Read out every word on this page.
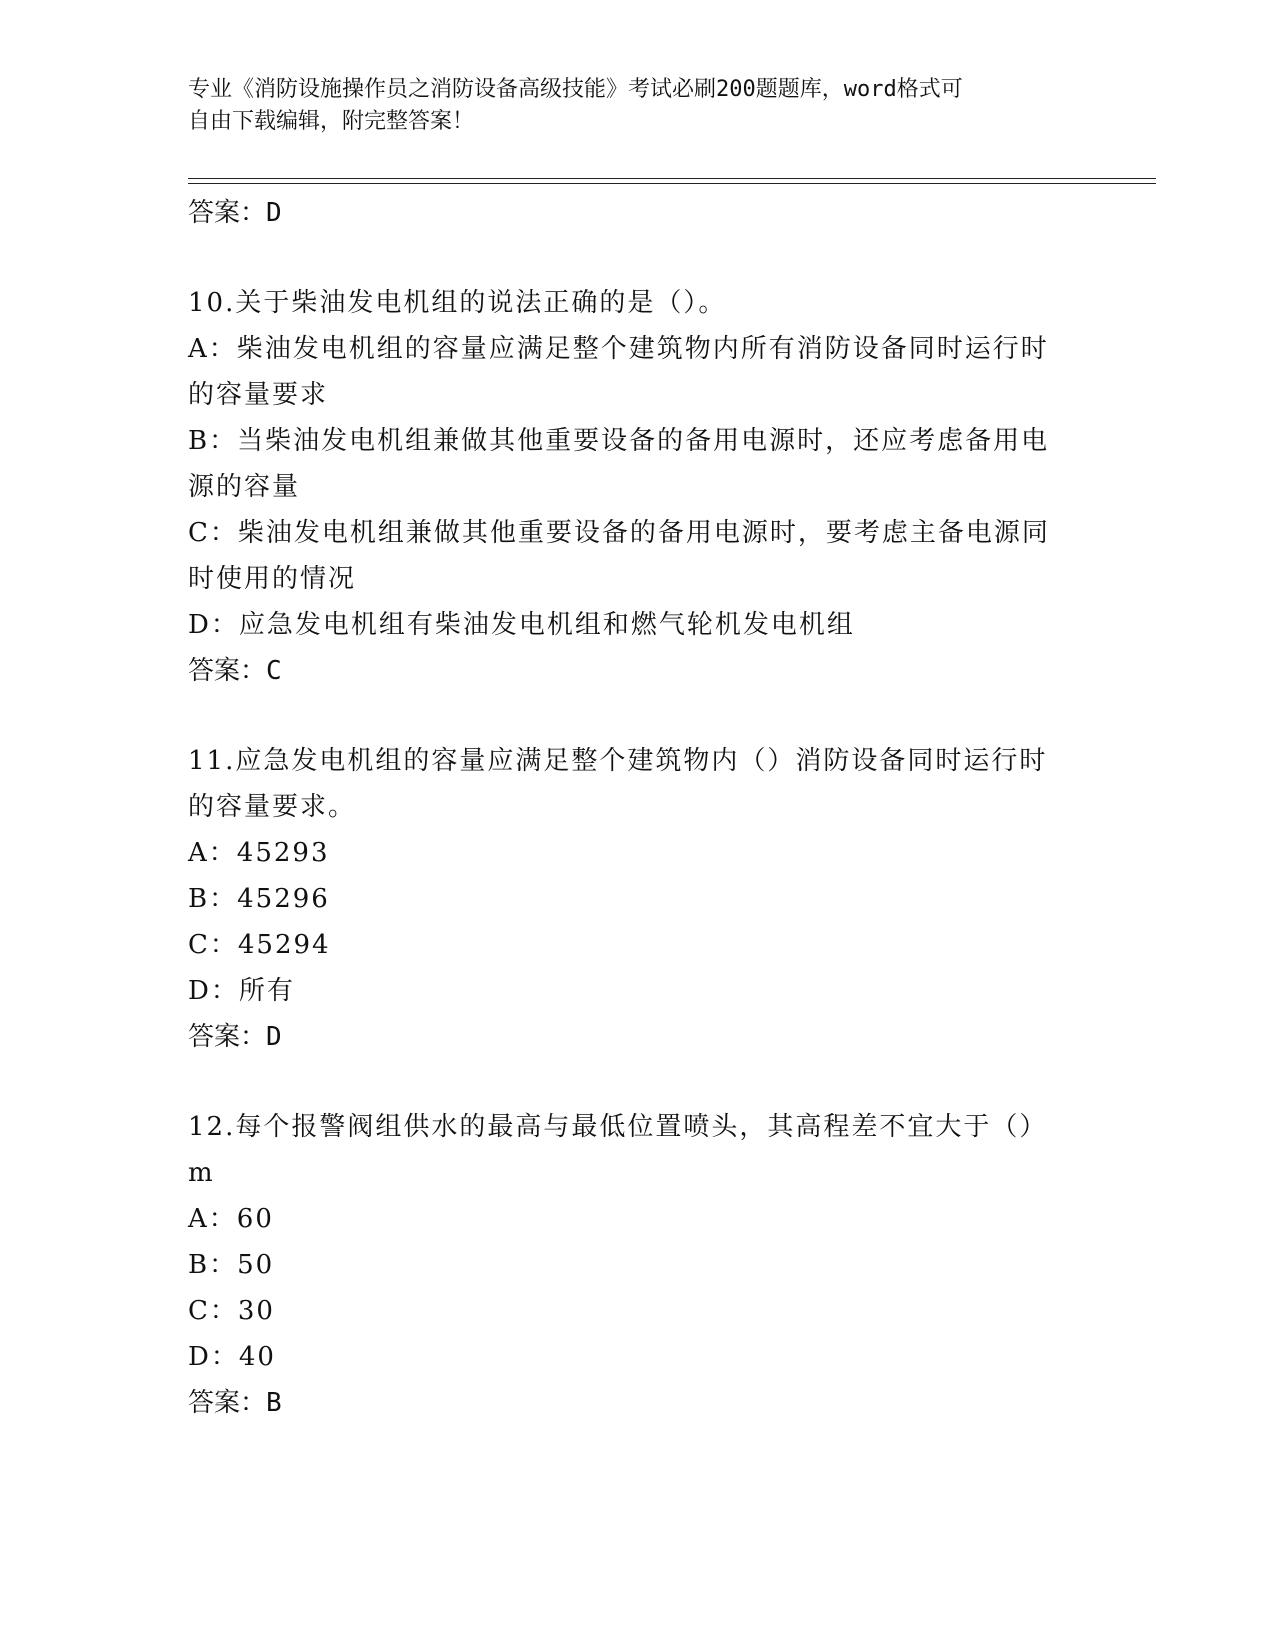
专业《消防设施操作员之消防设备高级技能》考试必刷200题题库，word格式可
自由下载编辑，附完整答案！
答案：D
10.关于柴油发电机组的说法正确的是（）。
A：柴油发电机组的容量应满足整个建筑物内所有消防设备同时运行时
的容量要求
B：当柴油发电机组兼做其他重要设备的备用电源时，还应考虑备用电
源的容量
C：柴油发电机组兼做其他重要设备的备用电源时，要考虑主备电源同
时使用的情况
D：应急发电机组有柴油发电机组和燃气轮机发电机组
答案：C
11.应急发电机组的容量应满足整个建筑物内（）消防设备同时运行时
的容量要求。
A：45293
B：45296
C：45294
D：所有
答案：D
12.每个报警阀组供水的最高与最低位置喷头，其高程差不宜大于（）
m
A：60
B：50
C：30
D：40
答案：B
